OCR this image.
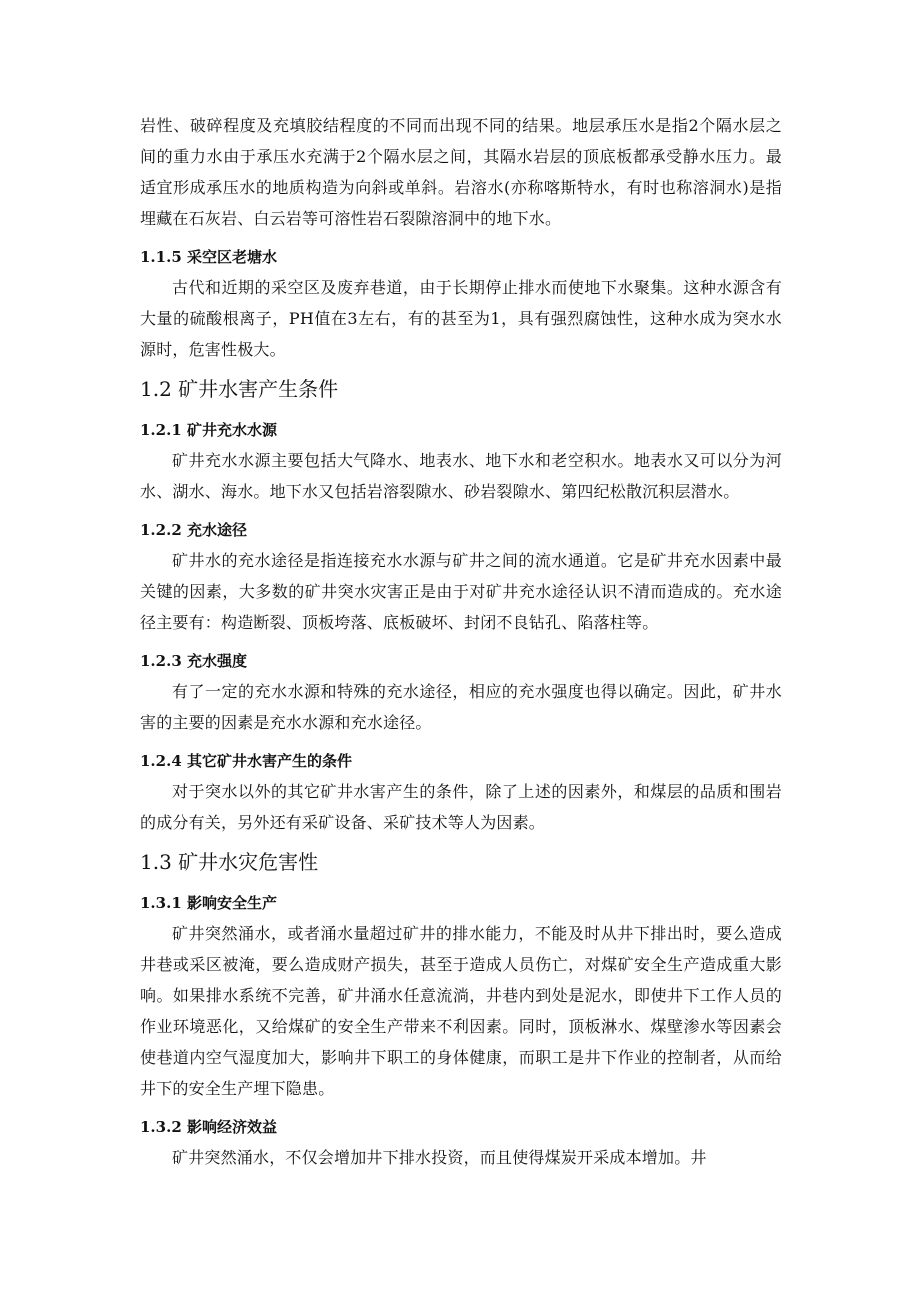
岩性、破碎程度及充填胶结程度的不同而出现不同的结果。地层承压水是指2个隔水层之间的重力水由于承压水充满于2个隔水层之间，其隔水岩层的顶底板都承受静水压力。最适宜形成承压水的地质构造为向斜或单斜。岩溶水(亦称喀斯特水，有时也称溶洞水)是指埋藏在石灰岩、白云岩等可溶性岩石裂隙溶洞中的地下水。

1.1.5 采空区老塘水

古代和近期的采空区及废弃巷道，由于长期停止排水而使地下水聚集。这种水源含有大量的硫酸根离子，PH值在3左右，有的甚至为1，具有强烈腐蚀性，这种水成为突水水源时，危害性极大。

1.2 矿井水害产生条件
1.2.1 矿井充水水源

矿井充水水源主要包括大气降水、地表水、地下水和老空积水。地表水又可以分为河水、湖水、海水。地下水又包括岩溶裂隙水、砂岩裂隙水、第四纪松散沉积层潜水。

1.2.2 充水途径

矿井水的充水途径是指连接充水水源与矿井之间的流水通道。它是矿井充水因素中最关键的因素，大多数的矿井突水灾害正是由于对矿井充水途径认识不清而造成的。充水途径主要有：构造断裂、顶板垮落、底板破坏、封闭不良钻孔、陷落柱等。

1.2.3 充水强度

有了一定的充水水源和特殊的充水途径，相应的充水强度也得以确定。因此，矿井水害的主要的因素是充水水源和充水途径。

1.2.4 其它矿井水害产生的条件

对于突水以外的其它矿井水害产生的条件，除了上述的因素外，和煤层的品质和围岩的成分有关，另外还有采矿设备、采矿技术等人为因素。

1.3 矿井水灾危害性
1.3.1 影响安全生产

矿井突然涌水，或者涌水量超过矿井的排水能力，不能及时从井下排出时，要么造成井巷或采区被淹，要么造成财产损失，甚至于造成人员伤亡，对煤矿安全生产造成重大影响。如果排水系统不完善，矿井涌水任意流淌，井巷内到处是泥水，即使井下工作人员的作业环境恶化，又给煤矿的安全生产带来不利因素。同时，顶板淋水、煤壁渗水等因素会使巷道内空气湿度加大，影响井下职工的身体健康，而职工是井下作业的控制者，从而给井下的安全生产埋下隐患。

1.3.2 影响经济效益

矿井突然涌水，不仅会增加井下排水投资，而且使得煤炭开采成本增加。井
